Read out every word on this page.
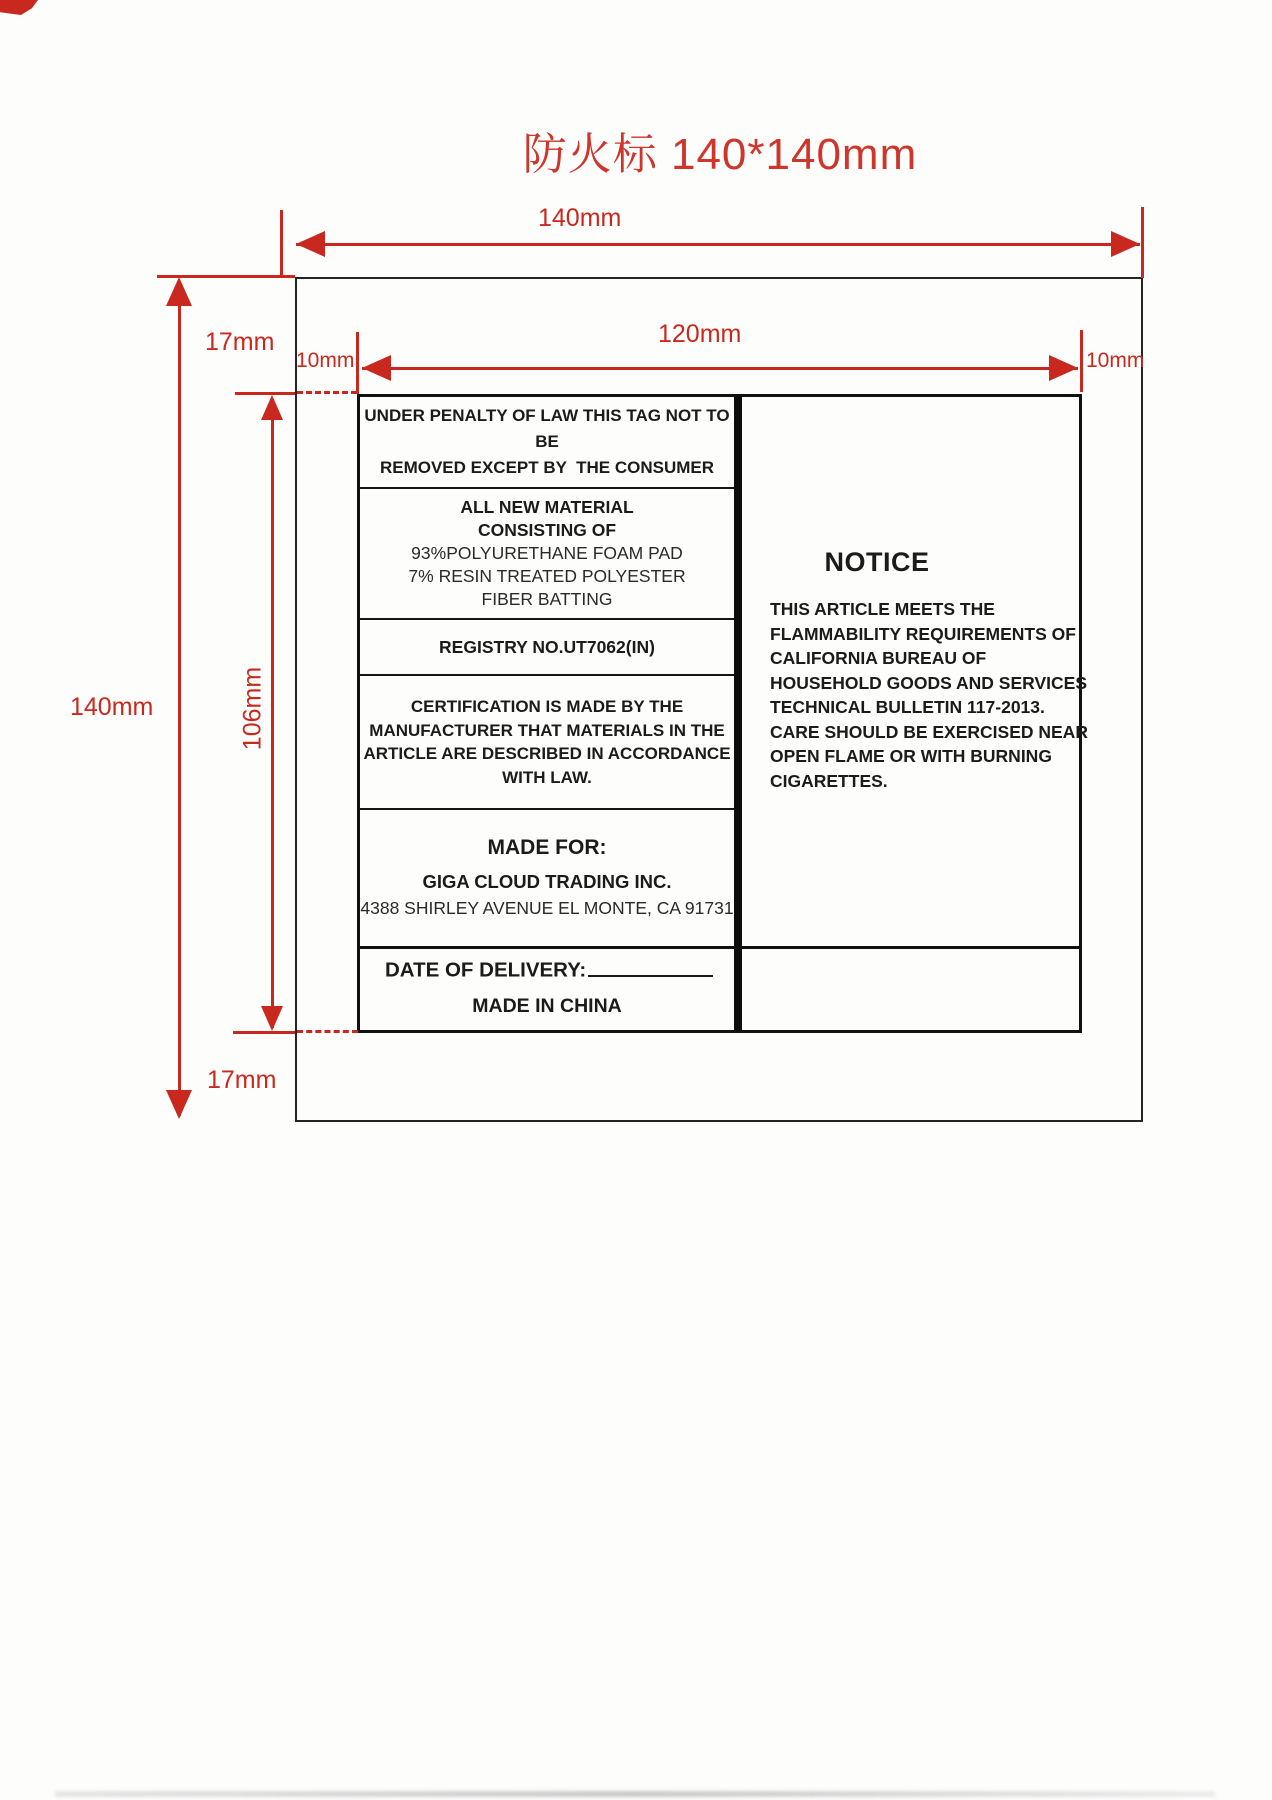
防火标 140*140mm
UNDER PENALTY OF LAW THIS TAG NOT TO BE
REMOVED EXCEPT BY  THE CONSUMER
ALL NEW MATERIAL
CONSISTING OF
93%POLYURETHANE FOAM PAD
7% RESIN TREATED POLYESTER
FIBER BATTING
REGISTRY NO.UT7062(IN)
CERTIFICATION IS MADE BY THE
MANUFACTURER THAT MATERIALS IN THE
ARTICLE ARE DESCRIBED IN ACCORDANCE
WITH LAW.
MADE FOR:
GIGA CLOUD TRADING INC.
4388 SHIRLEY AVENUE EL MONTE, CA 91731
DATE OF DELIVERY:
MADE IN CHINA
NOTICE
THIS ARTICLE MEETS THE
FLAMMABILITY REQUIREMENTS OF
CALIFORNIA BUREAU OF
HOUSEHOLD GOODS AND SERVICES
TECHNICAL BULLETIN 117-2013.
CARE SHOULD BE EXERCISED NEAR
OPEN FLAME OR WITH BURNING
CIGARETTES.
140mm
120mm
10mm	10mm
140mm
17mm
17mm
106mm
